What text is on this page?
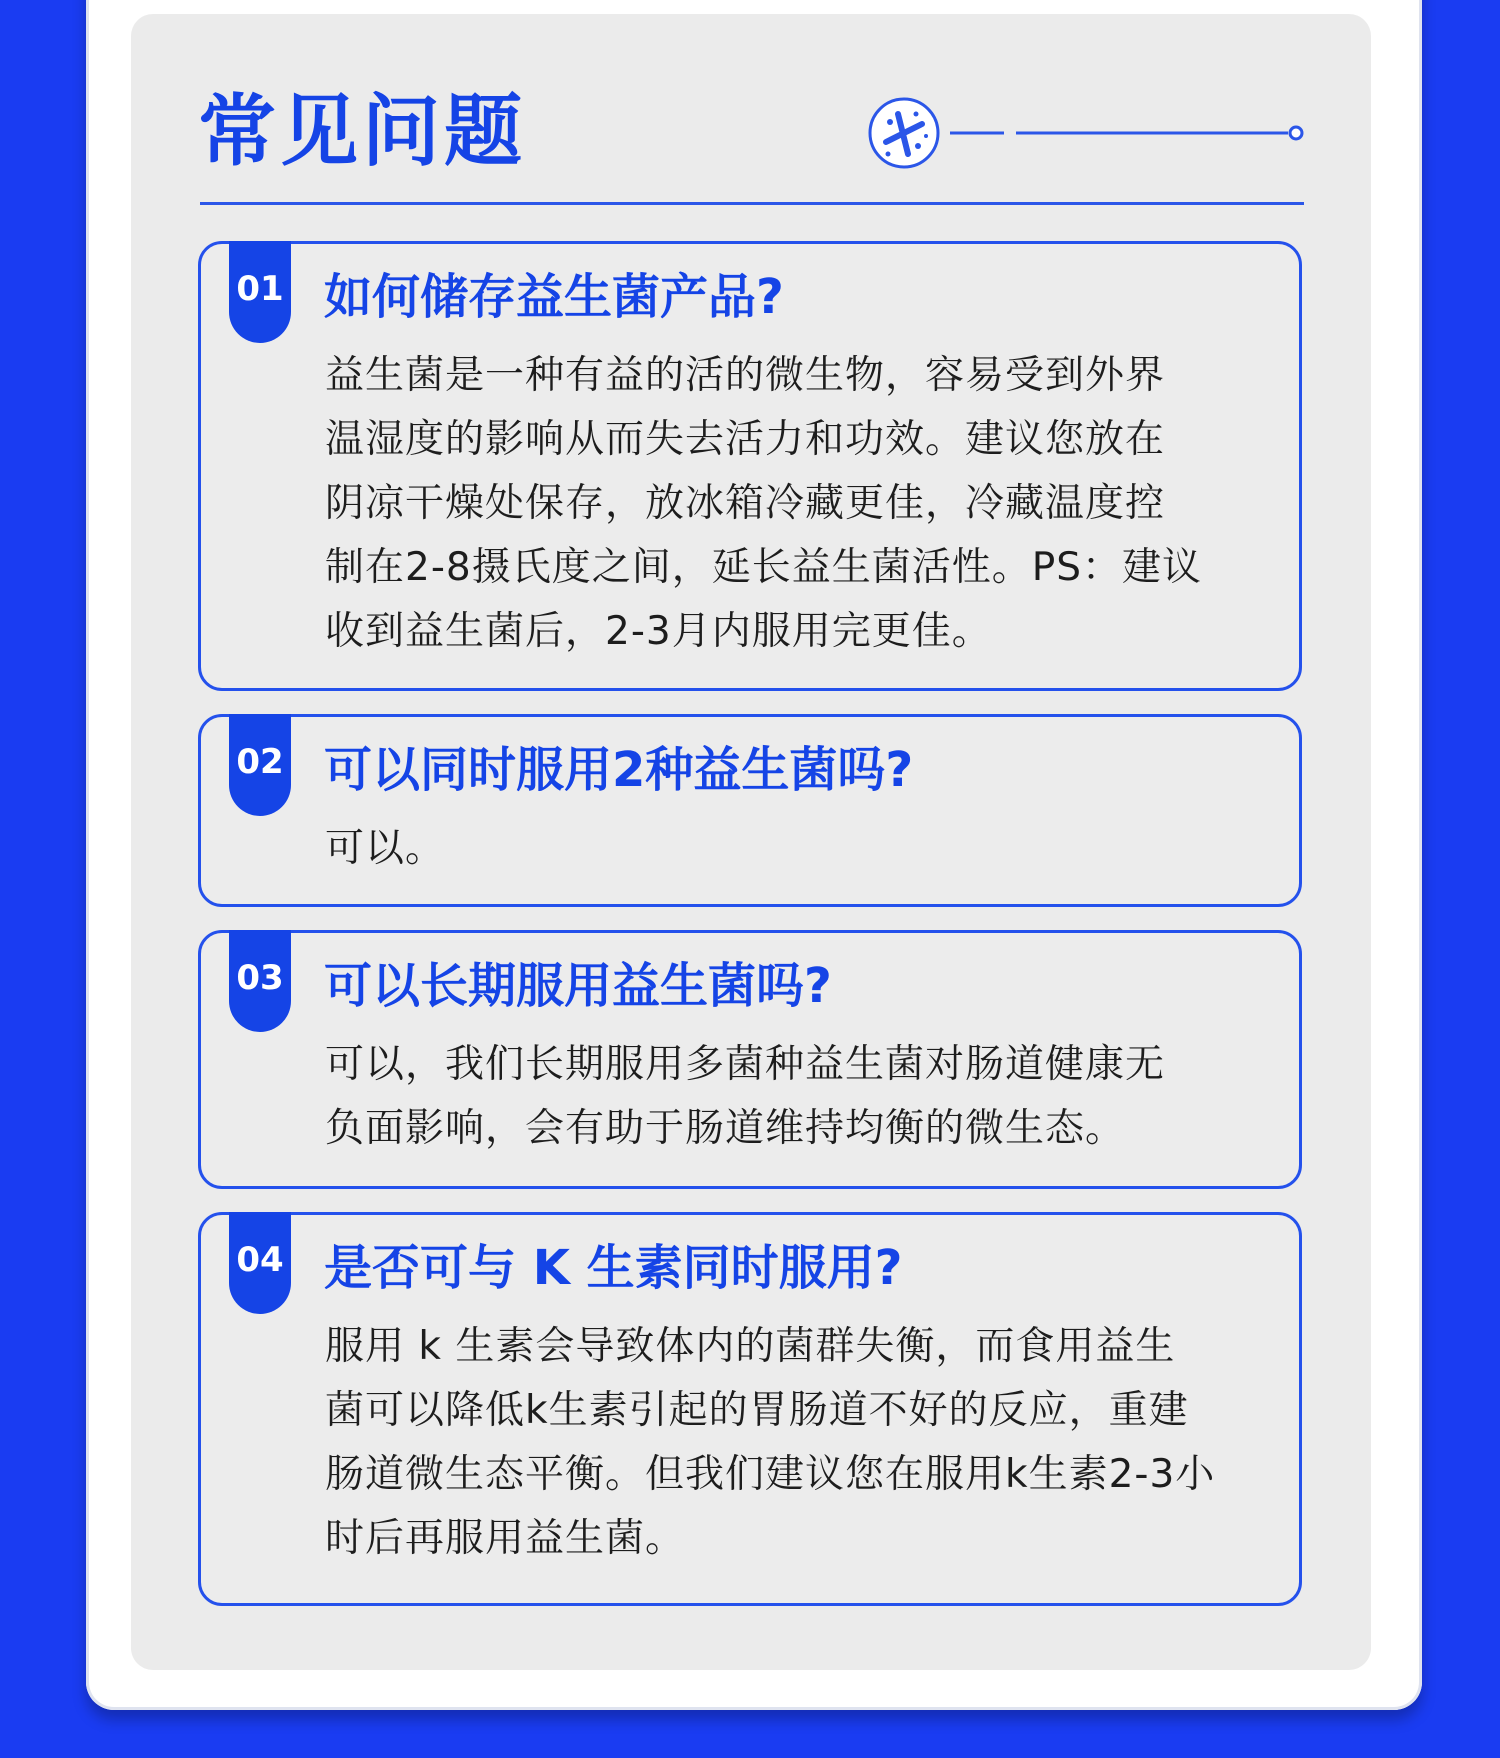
常见问题
01 如何储存益生菌产品?

益生菌是一种有益的活的微生物，容易受到外界
温湿度的影响从而失去活力和功效。建议您放在
阴凉干燥处保存，放冰箱冷藏更佳，冷藏温度控
制在2-8摄氏度之间，延长益生菌活性。PS：建议
收到益生菌后，2-3月内服用完更佳。

02 可以同时服用2种益生菌吗?

可以。

03 可以长期服用益生菌吗?

可以，我们长期服用多菌种益生菌对肠道健康无
负面影响，会有助于肠道维持均衡的微生态。

04 是否可与 K 生素同时服用?

服用 k 生素会导致体内的菌群失衡，而食用益生
菌可以降低k生素引起的胃肠道不好的反应，重建
肠道微生态平衡。但我们建议您在服用k生素2-3小
时后再服用益生菌。
